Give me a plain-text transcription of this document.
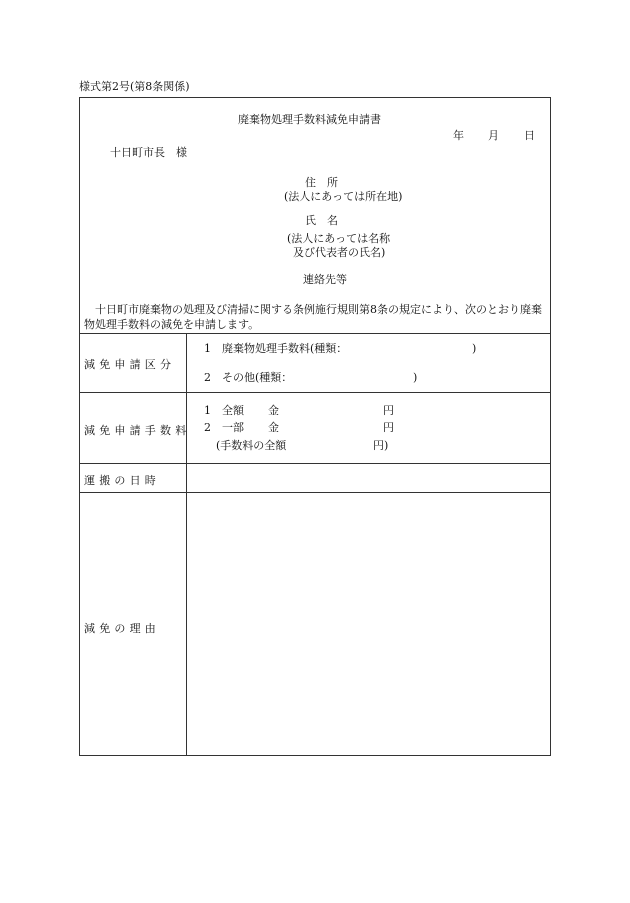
様式第2号(第8条関係)
廃棄物処理手数料減免申請書
年 月 日
十日町市長　様
住　所
(法人にあっては所在地)
氏　名
(法人にあっては名称
及び代表者の氏名)
連絡先等
十日町市廃棄物の処理及び清掃に関する条例施行規則第8条の規定により、次のとおり廃棄物処理手数料の減免を申請します。
減免申請区分
1　廃棄物処理手数料(種類：	)
2　その他(種類：	)
減免申請手数料
1　全額 金	円
2　一部 金	円
(手数料の全額	円)
運搬の日時
減免の理由
